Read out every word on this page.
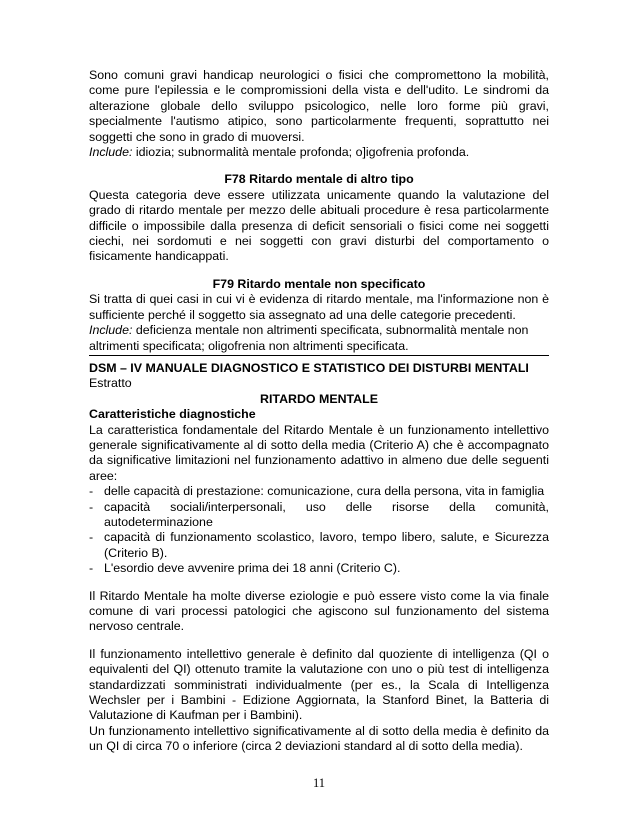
Sono comuni gravi handicap neurologici o fisici che compromettono la mobilità, come pure l'epilessia e le compromissioni della vista e dell'udito. Le sindromi da alterazione globale dello sviluppo psicologico, nelle loro forme più gravi, specialmente l'autismo atipico, sono particolarmente frequenti, soprattutto nei soggetti che sono in grado di muoversi.

Include: idiozia; subnormalità mentale profonda; o]igofrenia profonda.

F78 Ritardo mentale di altro tipo

Questa categoria deve essere utilizzata unicamente quando la valutazione del grado di ritardo mentale per mezzo delle abituali procedure è resa particolarmente difficile o impossibile dalla presenza di deficit sensoriali o fisici come nei soggetti ciechi, nei sordomuti e nei soggetti con gravi disturbi del comportamento o fisicamente handicappati.

F79 Ritardo mentale non specificato

Si tratta di quei casi in cui vi è evidenza di ritardo mentale, ma l'informazione non è sufficiente perché il soggetto sia assegnato ad una delle categorie precedenti.

Include: deficienza mentale non altrimenti specificata, subnormalità mentale non altrimenti specificata; oligofrenia non altrimenti specificata.

DSM – IV MANUALE DIAGNOSTICO E STATISTICO DEI DISTURBI MENTALI

Estratto

RITARDO MENTALE

Caratteristiche diagnostiche

La caratteristica fondamentale del Ritardo Mentale è un funzionamento intellettivo generale significativamente al di sotto della media (Criterio A) che è accompagnato da significative limitazioni nel funzionamento adattivo in almeno due delle seguenti aree:

- delle capacità di prestazione: comunicazione, cura della persona, vita in famiglia
- capacità sociali/interpersonali, uso delle risorse della comunità, autodeterminazione
- capacità di funzionamento scolastico, lavoro, tempo libero, salute, e Sicurezza (Criterio B).
- L'esordio deve avvenire prima dei 18 anni (Criterio C).

Il Ritardo Mentale ha molte diverse eziologie e può essere visto come la via finale comune di vari processi patologici che agiscono sul funzionamento del sistema nervoso centrale.

Il funzionamento intellettivo generale è definito dal quoziente di intelligenza (QI o equivalenti del QI) ottenuto tramite la valutazione con uno o più test di intelligenza standardizzati somministrati individualmente (per es., la Scala di Intelligenza Wechsler per i Bambini - Edizione Aggiornata, la Stanford Binet, la Batteria di Valutazione di Kaufman per i Bambini).

Un funzionamento intellettivo significativamente al di sotto della media è definito da un QI di circa 70 o inferiore (circa 2 deviazioni standard al di sotto della media).

11
